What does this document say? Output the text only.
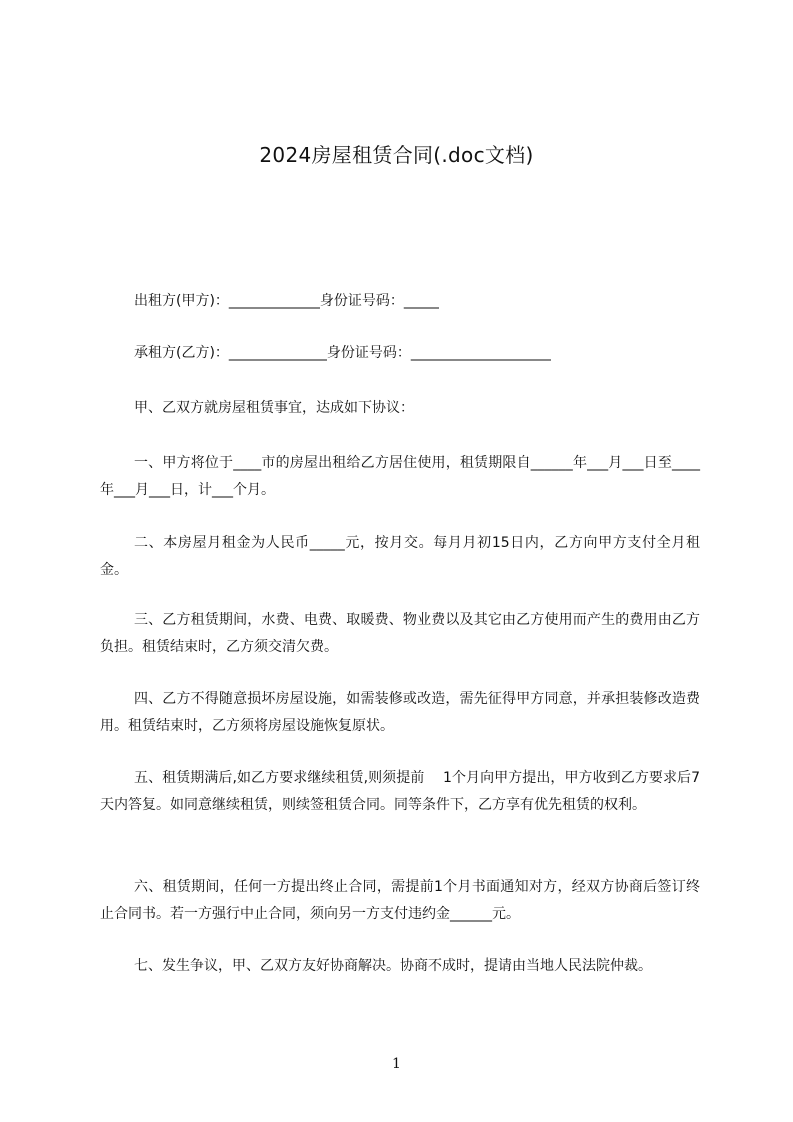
2024房屋租赁合同(.doc文档)
出租方(甲方)：_____________身份证号码：_____
承租方(乙方)：______________身份证号码：____________________
甲、乙双方就房屋租赁事宜，达成如下协议：
一、甲方将位于____市的房屋出租给乙方居住使用，租赁期限自______年___月___日至____年___月___日，计___个月。
二、本房屋月租金为人民币_____元，按月交。每月月初15日内，乙方向甲方支付全月租金。
三、乙方租赁期间，水费、电费、取暖费、物业费以及其它由乙方使用而产生的费用由乙方负担。租赁结束时，乙方须交清欠费。
四、乙方不得随意损坏房屋设施，如需装修或改造，需先征得甲方同意，并承担装修改造费用。租赁结束时，乙方须将房屋设施恢复原状。
五、租赁期满后,如乙方要求继续租赁,则须提前　 1个月向甲方提出，甲方收到乙方要求后7天内答复。如同意继续租赁，则续签租赁合同。同等条件下，乙方享有优先租赁的权利。
六、租赁期间，任何一方提出终止合同，需提前1个月书面通知对方，经双方协商后签订终止合同书。若一方强行中止合同，须向另一方支付违约金______元。
七、发生争议，甲、乙双方友好协商解决。协商不成时，提请由当地人民法院仲裁。
1
